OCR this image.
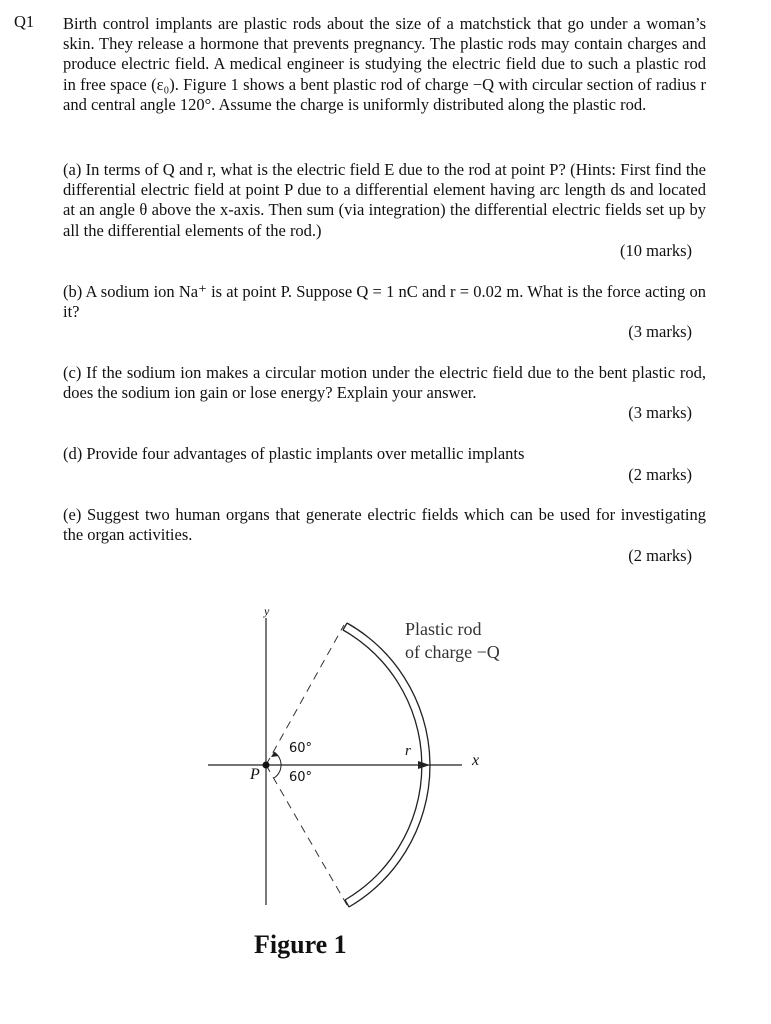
Q1 Birth control implants are plastic rods about the size of a matchstick that go under a woman’s skin. They release a hormone that prevents pregnancy. The plastic rods may contain charges and produce electric field. A medical engineer is studying the electric field due to such a plastic rod in free space (ε₀). Figure 1 shows a bent plastic rod of charge −Q with circular section of radius r and central angle 120°. Assume the charge is uniformly distributed along the plastic rod.
(a) In terms of Q and r, what is the electric field E due to the rod at point P? (Hints: First find the differential electric field at point P due to a differential element having arc length ds and located at an angle θ above the x-axis. Then sum (via integration) the differential electric fields set up by all the differential elements of the rod.)
(10 marks)
(b) A sodium ion Na⁺ is at point P. Suppose Q = 1 nC and r = 0.02 m. What is the force acting on it?
(3 marks)
(c) If the sodium ion makes a circular motion under the electric field due to the bent plastic rod, does the sodium ion gain or lose energy? Explain your answer.
(3 marks)
(d) Provide four advantages of plastic implants over metallic implants
(2 marks)
(e) Suggest two human organs that generate electric fields which can be used for investigating the organ activities.
(2 marks)
y
x
P
r
60°
60°
Plastic rod
of charge −Q
Figure 1
